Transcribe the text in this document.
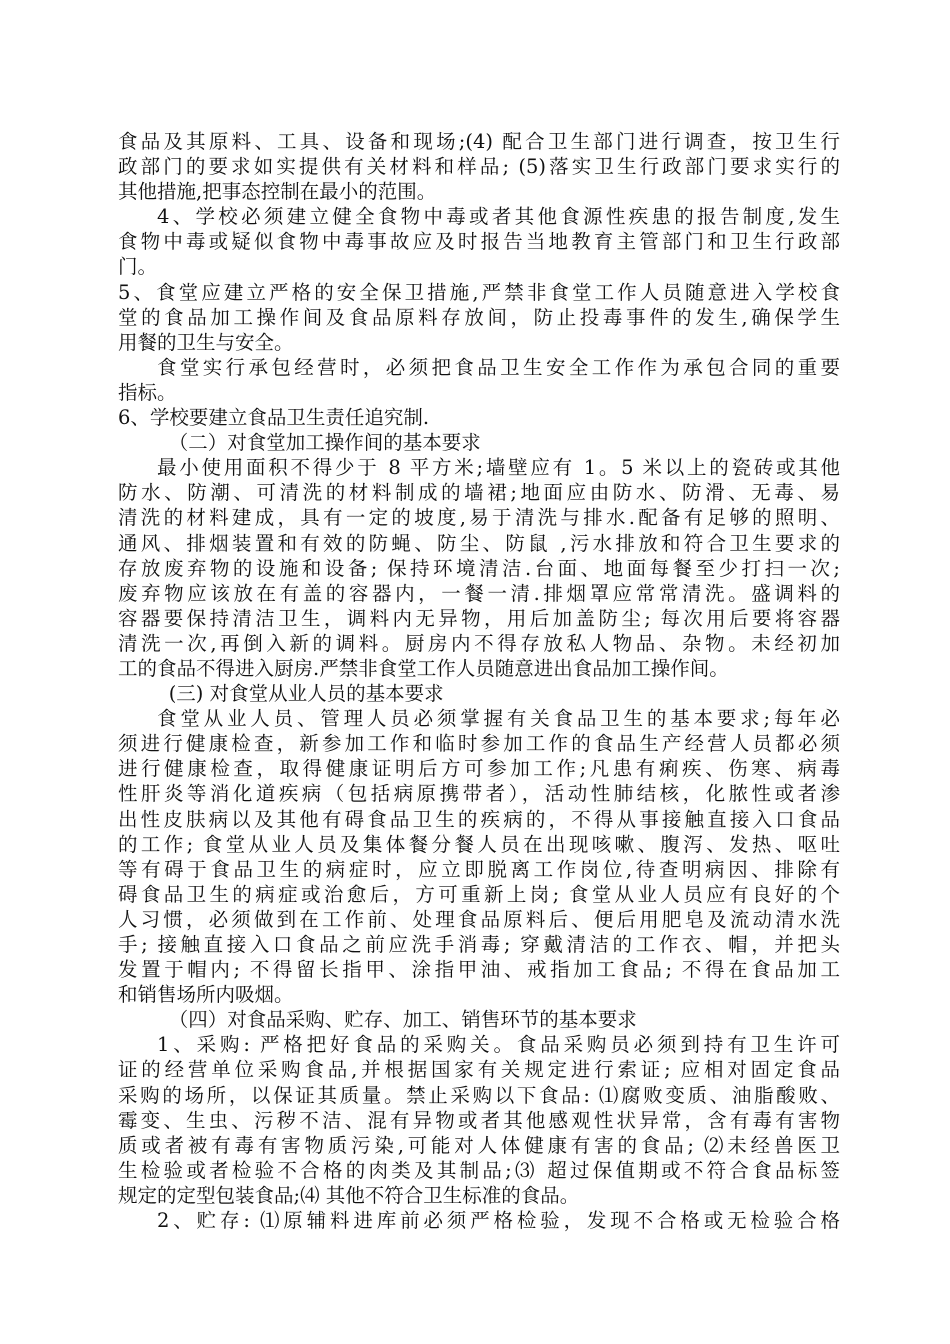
食品及其原料、工具、设备和现场;(4) 配合卫生部门进行调查，按卫生行
政部门的要求如实提供有关材料和样品; (5)落实卫生行政部门要求实行的
其他措施,把事态控制在最小的范围。
4、学校必须建立健全食物中毒或者其他食源性疾患的报告制度,发生
食物中毒或疑似食物中毒事故应及时报告当地教育主管部门和卫生行政部
门。
5、食堂应建立严格的安全保卫措施,严禁非食堂工作人员随意进入学校食
堂的食品加工操作间及食品原料存放间，防止投毒事件的发生,确保学生
用餐的卫生与安全。
食堂实行承包经营时，必须把食品卫生安全工作作为承包合同的重要
指标。
6、学校要建立食品卫生责任追究制.
（二）对食堂加工操作间的基本要求
最小使用面积不得少于 8 平方米;墙壁应有 1。5 米以上的瓷砖或其他
防水、防潮、可清洗的材料制成的墙裙;地面应由防水、防滑、无毒、易
清洗的材料建成，具有一定的坡度,易于清洗与排水.配备有足够的照明、
通风、排烟装置和有效的防蝇、防尘、防鼠 ,污水排放和符合卫生要求的
存放废弃物的设施和设备; 保持环境清洁.台面、地面每餐至少打扫一次;
废弃物应该放在有盖的容器内，一餐一清.排烟罩应常常清洗。盛调料的
容器要保持清洁卫生，调料内无异物，用后加盖防尘; 每次用后要将容器
清洗一次,再倒入新的调料。厨房内不得存放私人物品、杂物。未经初加
工的食品不得进入厨房.严禁非食堂工作人员随意进出食品加工操作间。
(三) 对食堂从业人员的基本要求
食堂从业人员、管理人员必须掌握有关食品卫生的基本要求;每年必
须进行健康检查，新参加工作和临时参加工作的食品生产经营人员都必须
进行健康检查，取得健康证明后方可参加工作;凡患有痢疾、伤寒、病毒
性肝炎等消化道疾病（包括病原携带者），活动性肺结核，化脓性或者渗
出性皮肤病以及其他有碍食品卫生的疾病的，不得从事接触直接入口食品
的工作; 食堂从业人员及集体餐分餐人员在出现咳嗽、腹泻、发热、呕吐
等有碍于食品卫生的病症时，应立即脱离工作岗位,待查明病因、排除有
碍食品卫生的病症或治愈后，方可重新上岗; 食堂从业人员应有良好的个
人习惯，必须做到在工作前、处理食品原料后、便后用肥皂及流动清水洗
手; 接触直接入口食品之前应洗手消毒; 穿戴清洁的工作衣、帽，并把头
发置于帽内; 不得留长指甲、涂指甲油、戒指加工食品; 不得在食品加工
和销售场所内吸烟。
（四）对食品采购、贮存、加工、销售环节的基本要求
1、采购: 严格把好食品的采购关。食品采购员必须到持有卫生许可
证的经营单位采购食品,并根据国家有关规定进行索证; 应相对固定食品
采购的场所，以保证其质量。禁止采购以下食品: ⑴腐败变质、油脂酸败、
霉变、生虫、污秽不洁、混有异物或者其他感观性状异常，含有毒有害物
质或者被有毒有害物质污染,可能对人体健康有害的食品; ⑵未经兽医卫
生检验或者检验不合格的肉类及其制品;⑶ 超过保值期或不符合食品标签
规定的定型包装食品;⑷ 其他不符合卫生标准的食品。
2、贮存: ⑴原辅料进库前必须严格检验，发现不合格或无检验合格
